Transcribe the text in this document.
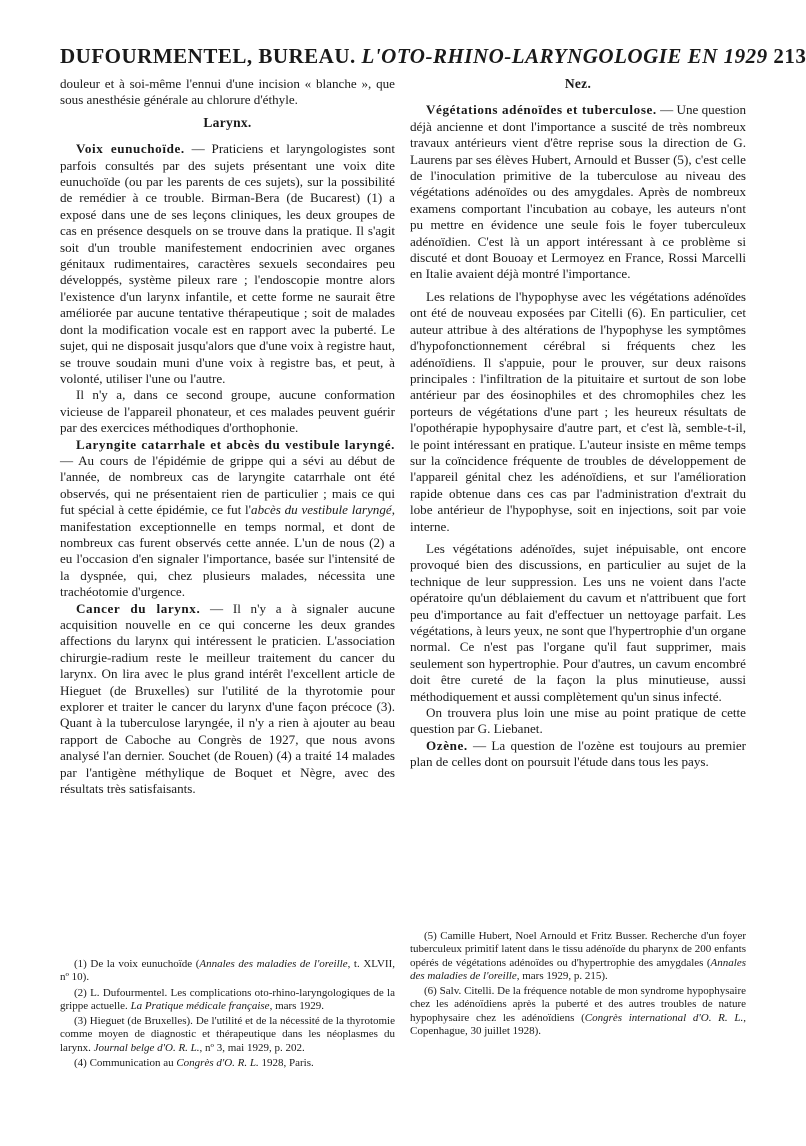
DUFOURMENTEL, BUREAU. L'OTO-RHINO-LARYNGOLOGIE EN 1929 213

douleur et à soi-même l'ennui d'une incision « blanche », que sous anesthésie générale au chlorure d'éthyle.

Larynx.

Voix eunuchoïde. — Praticiens et laryngologistes sont parfois consultés par des sujets présentant une voix dite eunuchoïde (ou par les parents de ces sujets), sur la possibilité de remédier à ce trouble. Birman-Bera (de Bucarest) (1) a exposé dans une de ses leçons cliniques, les deux groupes de cas en présence desquels on se trouve dans la pratique. Il s'agit soit d'un trouble manifestement endocrinien avec organes génitaux rudimentaires, caractères sexuels secondaires peu développés, système pileux rare ; l'endoscopie montre alors l'existence d'un larynx infantile, et cette forme ne saurait être améliorée par aucune tentative thérapeutique ; soit de malades dont la modification vocale est en rapport avec la puberté. Le sujet, qui ne disposait jusqu'alors que d'une voix à registre haut, se trouve soudain muni d'une voix à registre bas, et peut, à volonté, utiliser l'une ou l'autre.

Il n'y a, dans ce second groupe, aucune conformation vicieuse de l'appareil phonateur, et ces malades peuvent guérir par des exercices méthodiques d'orthophonie.

Laryngite catarrhale et abcès du vestibule laryngé. — Au cours de l'épidémie de grippe qui a sévi au début de l'année, de nombreux cas de laryngite catarrhale ont été observés, qui ne présentaient rien de particulier ; mais ce qui fut spécial à cette épidémie, ce fut l'abcès du vestibule laryngé, manifestation exceptionnelle en temps normal, et dont de nombreux cas furent observés cette année. L'un de nous (2) a eu l'occasion d'en signaler l'importance, basée sur l'intensité de la dyspnée, qui, chez plusieurs malades, nécessita une trachéotomie d'urgence.

Cancer du larynx. — Il n'y a à signaler aucune acquisition nouvelle en ce qui concerne les deux grandes affections du larynx qui intéressent le praticien. L'association chirurgie-radium reste le meilleur traitement du cancer du larynx. On lira avec le plus grand intérêt l'excellent article de Hieguet (de Bruxelles) sur l'utilité de la thyrotomie pour explorer et traiter le cancer du larynx d'une façon précoce (3). Quant à la tuberculose laryngée, il n'y a rien à ajouter au beau rapport de Caboche au Congrès de 1927, que nous avons analysé l'an dernier. Souchet (de Rouen) (4) a traité 14 malades par l'antigène méthylique de Boquet et Nègre, avec des résultats très satisfaisants.

Nez.

Végétations adénoïdes et tuberculose. — Une question déjà ancienne et dont l'importance a suscité de très nombreux travaux antérieurs vient d'être reprise sous la direction de G. Laurens par ses élèves Hubert, Arnould et Busser (5), c'est celle de l'inoculation primitive de la tuberculose au niveau des végétations adénoïdes ou des amygdales. Après de nombreux examens comportant l'incubation au cobaye, les auteurs n'ont pu mettre en évidence une seule fois le foyer tuberculeux adénoïdien. C'est là un apport intéressant à ce problème si discuté et dont Bouoay et Lermoyez en France, Rossi Marcelli en Italie avaient déjà montré l'importance.

Les relations de l'hypophyse avec les végétations adénoïdes ont été de nouveau exposées par Citelli (6). En particulier, cet auteur attribue à des altérations de l'hypophyse les symptômes d'hypofonctionnement cérébral si fréquents chez les adénoïdiens. Il s'appuie, pour le prouver, sur deux raisons principales : l'infiltration de la pituitaire et surtout de son lobe antérieur par des éosinophiles et des chromophiles chez les porteurs de végétations d'une part ; les heureux résultats de l'opothérapie hypophysaire d'autre part, et c'est là, semble-t-il, le point intéressant en pratique. L'auteur insiste en même temps sur la coïncidence fréquente de troubles de développement de l'appareil génital chez les adénoïdiens, et sur l'amélioration rapide obtenue dans ces cas par l'administration d'extrait du lobe antérieur de l'hypophyse, soit en injections, soit par voie interne.

Les végétations adénoïdes, sujet inépuisable, ont encore provoqué bien des discussions, en particulier au sujet de la technique de leur suppression. Les uns ne voient dans l'acte opératoire qu'un déblaiement du cavum et n'attribuent que fort peu d'importance au fait d'effectuer un nettoyage parfait. Les végétations, à leurs yeux, ne sont que l'hypertrophie d'un organe normal. Ce n'est pas l'organe qu'il faut supprimer, mais seulement son hypertrophie. Pour d'autres, un cavum encombré doit être cureté de la façon la plus minutieuse, aussi méthodiquement et aussi complètement qu'un sinus infecté.

On trouvera plus loin une mise au point pratique de cette question par G. Liebanet.

Ozène. — La question de l'ozène est toujours au premier plan de celles dont on poursuit l'étude dans tous les pays.

(1) De la voix eunuchoïde (Annales des maladies de l'oreille, t. XLVII, nº 10).

(2) L. Dufourmentel. Les complications oto-rhino-laryngologiques de la grippe actuelle. La Pratique médicale française, mars 1929.

(3) Hieguet (de Bruxelles). De l'utilité et de la nécessité de la thyrotomie comme moyen de diagnostic et thérapeutique dans les néoplasmes du larynx. Journal belge d'O. R. L., nº 3, mai 1929, p. 202.

(4) Communication au Congrès d'O. R. L. 1928, Paris.

(5) Camille Hubert, Noel Arnould et Fritz Busser. Recherche d'un foyer tuberculeux primitif latent dans le tissu adénoïde du pharynx de 200 enfants opérés de végétations adénoïdes ou d'hypertrophie des amygdales (Annales des maladies de l'oreille, mars 1929, p. 215).

(6) Salv. Citelli. De la fréquence notable de mon syndrome hypophysaire chez les adénoïdiens après la puberté et des autres troubles de nature hypophysaire chez les adénoïdiens (Congrès international d'O. R. L., Copenhague, 30 juillet 1928).
